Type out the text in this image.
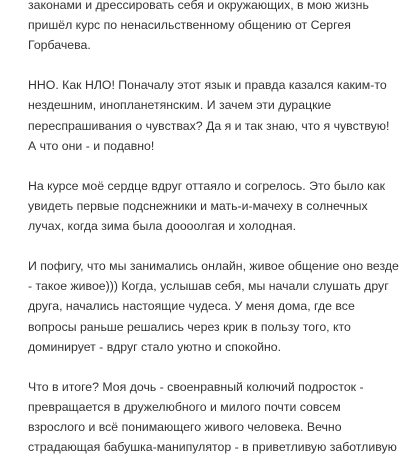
законами и дрессировать себя и окружающих, в мою жизнь
пришёл курс по ненасильственному общению от Сергея
Горбачева.
ННО. Как НЛО! Поначалу этот язык и правда казался каким-то
нездешним, инопланетянским. И зачем эти дурацкие
переспрашивания о чувствах? Да я и так знаю, что я чувствую!
А что они - и подавно!
На курсе моё сердце вдруг оттаяло и согрелось. Это было как
увидеть первые подснежники и мать-и-мачеху в солнечных
лучах, когда зима была доооолгая и холодная.
И пофигу, что мы занимались онлайн, живое общение оно везде
- такое живое))) Когда, услышав себя, мы начали слушать друг
друга, начались настоящие чудеса. У меня дома, где все
вопросы раньше решались через крик в пользу того, кто
доминирует - вдруг стало уютно и спокойно.
Что в итоге? Моя дочь - своенравный колючий подросток -
превращается в дружелюбного и милого почти совсем
взрослого и всё понимающего живого человека. Вечно
страдающая бабушка-манипулятор - в приветливую заботливую
